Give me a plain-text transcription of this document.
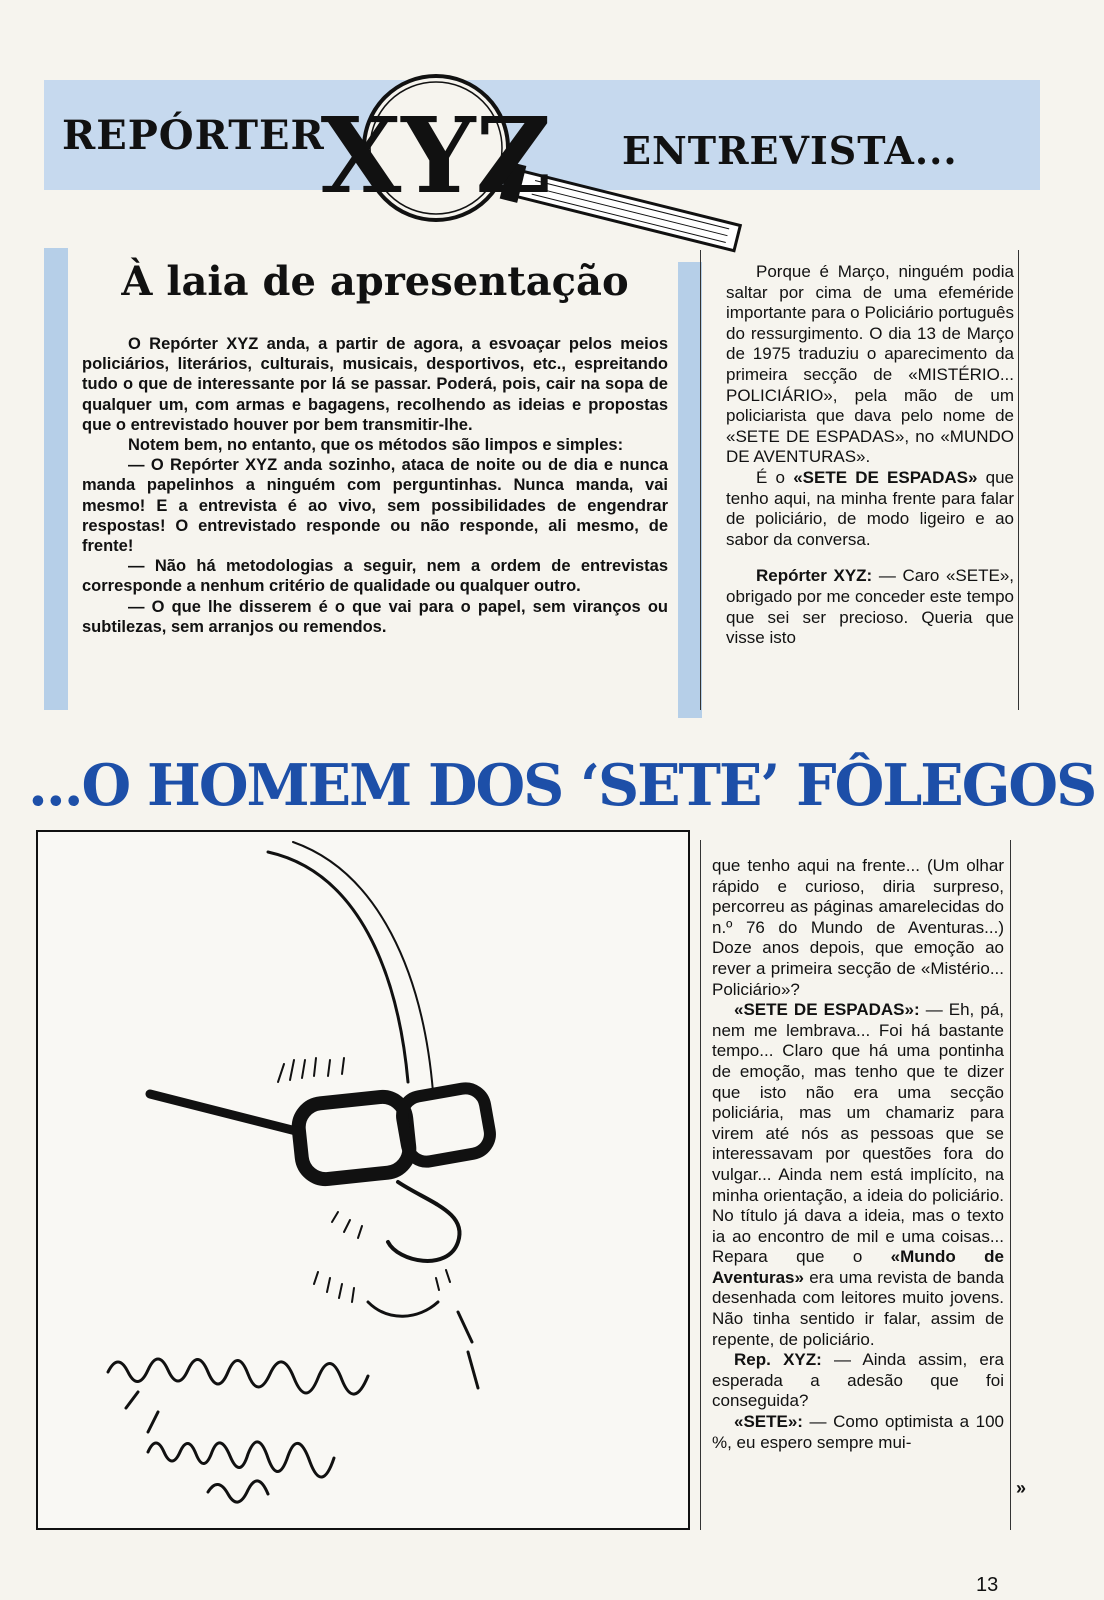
REPÓRTER	ENTREVISTA...
XYZ
À laia de apresentação

O Repórter XYZ anda, a partir de agora, a esvoaçar pelos meios policiários, literários, culturais, musicais, desportivos, etc., espreitando tudo o que de interessante por lá se passar. Poderá, pois, cair na sopa de qualquer um, com armas e bagagens, recolhendo as ideias e propostas que o entrevistado houver por bem transmitir-lhe.

Notem bem, no entanto, que os métodos são limpos e simples:

— O Repórter XYZ anda sozinho, ataca de noite ou de dia e nunca manda papelinhos a ninguém com perguntinhas. Nunca manda, vai mesmo! E a entrevista é ao vivo, sem possibilidades de engendrar respostas! O entrevistado responde ou não responde, ali mesmo, de frente!

— Não há metodologias a seguir, nem a ordem de entrevistas corresponde a nenhum critério de qualidade ou qualquer outro.

— O que lhe disserem é o que vai para o papel, sem viranços ou subtilezas, sem arranjos ou remendos.

Porque é Março, ninguém podia saltar por cima de uma efeméride importante para o Policiário português do ressurgimento. O dia 13 de Março de 1975 traduziu o aparecimento da primeira secção de «MISTÉRIO... POLICIÁRIO», pela mão de um policiarista que dava pelo nome de «SETE DE ESPADAS», no «MUNDO DE AVENTURAS».

É o «SETE DE ESPADAS» que tenho aqui, na minha frente para falar de policiário, de modo ligeiro e ao sabor da conversa.

Repórter XYZ: — Caro «SETE», obrigado por me conceder este tempo que sei ser precioso. Queria que visse isto

...O HOMEM DOS ‘SETE’ FÔLEGOS

que tenho aqui na frente... (Um olhar rápido e curioso, diria surpreso, percorreu as páginas amarelecidas do n.º 76 do Mundo de Aventuras...) Doze anos depois, que emoção ao rever a primeira secção de «Mistério... Policiário»?

«SETE DE ESPADAS»: — Eh, pá, nem me lembrava... Foi há bastante tempo... Claro que há uma pontinha de emoção, mas tenho que te dizer que isto não era uma secção policiária, mas um chamariz para virem até nós as pessoas que se interessavam por questões fora do vulgar... Ainda nem está implícito, na minha orientação, a ideia do policiário. No título já dava a ideia, mas o texto ia ao encontro de mil e uma coisas... Repara que o «Mundo de Aventuras» era uma revista de banda desenhada com leitores muito jovens. Não tinha sentido ir falar, assim de repente, de policiário.

Rep. XYZ: — Ainda assim, era esperada a adesão que foi conseguida?

«SETE»: — Como optimista a 100 %, eu espero sempre mui-

»
13
